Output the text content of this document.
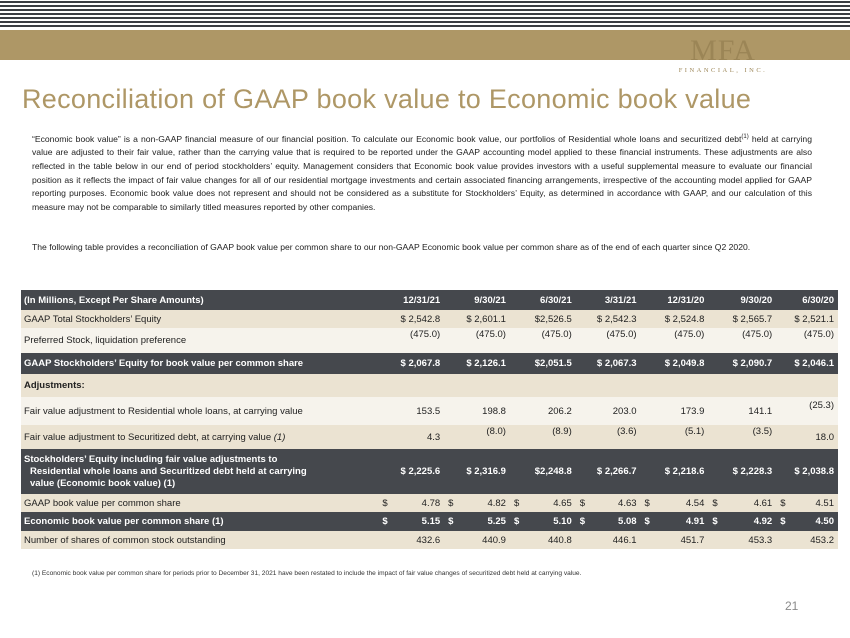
MFA
FINANCIAL, INC.
Reconciliation of GAAP book value to Economic book value
“Economic book value” is a non-GAAP financial measure of our financial position. To calculate our Economic book value, our portfolios of Residential whole loans and securitized debt$^{(1)}$ held at carrying value are adjusted to their fair value, rather than the carrying value that is required to be reported under the GAAP accounting model applied to these financial instruments. These adjustments are also reflected in the table below in our end of period stockholders’ equity. Management considers that Economic book value provides investors with a useful supplemental measure to evaluate our financial position as it reflects the impact of fair value changes for all of our residential mortgage investments and certain associated financing arrangements, irrespective of the accounting model applied for GAAP reporting purposes. Economic book value does not represent and should not be considered as a substitute for Stockholders’ Equity, as determined in accordance with GAAP, and our calculation of this measure may not be comparable to similarly titled measures reported by other companies.
The following table provides a reconciliation of GAAP book value per common share to our non-GAAP Economic book value per common share as of the end of each quarter since Q2 2020.
(In Millions, Except Per Share Amounts)	12/31/21	9/30/21	6/30/21	3/31/21	12/31/20	9/30/20	6/30/20
GAAP Total Stockholders’ Equity	$ 2,542.8	$ 2,601.1	$2,526.5	$ 2,542.3	$ 2,524.8	$ 2,565.7	$ 2,521.1
Preferred Stock, liquidation preference	(475.0)	(475.0)	(475.0)	(475.0)	(475.0)	(475.0)	(475.0)
GAAP Stockholders’ Equity for book value per common share	$ 2,067.8	$ 2,126.1	$2,051.5	$ 2,067.3	$ 2,049.8	$ 2,090.7	$ 2,046.1
Adjustments:							
Fair value adjustment to Residential whole loans, at carrying value	153.5	198.8	206.2	203.0	173.9	141.1	(25.3)
Fair value adjustment to Securitized debt, at carrying value (1)	4.3	(8.0)	(8.9)	(3.6)	(5.1)	(3.5)	18.0

Stockholders’ Equity including fair value adjustments to
Residential whole loans and Securitized debt held at carrying
value (Economic book value) (1)	$ 2,225.6	$ 2,316.9	$2,248.8	$ 2,266.7	$ 2,218.6	$ 2,228.3	$ 2,038.8
GAAP book value per common share	$ 4.78	$ 4.82	$ 4.65	$ 4.63	$ 4.54	$ 4.61	$ 4.51
Economic book value per common share (1)	$ 5.15	$ 5.25	$ 5.10	$ 5.08	$ 4.91	$ 4.92	$ 4.50
Number of shares of common stock outstanding	432.6	440.9	440.8	446.1	451.7	453.3	453.2
(1) Economic book value per common share for periods prior to December 31, 2021 have been restated to include the impact of fair value changes of securitized debt held at carrying value.
21
